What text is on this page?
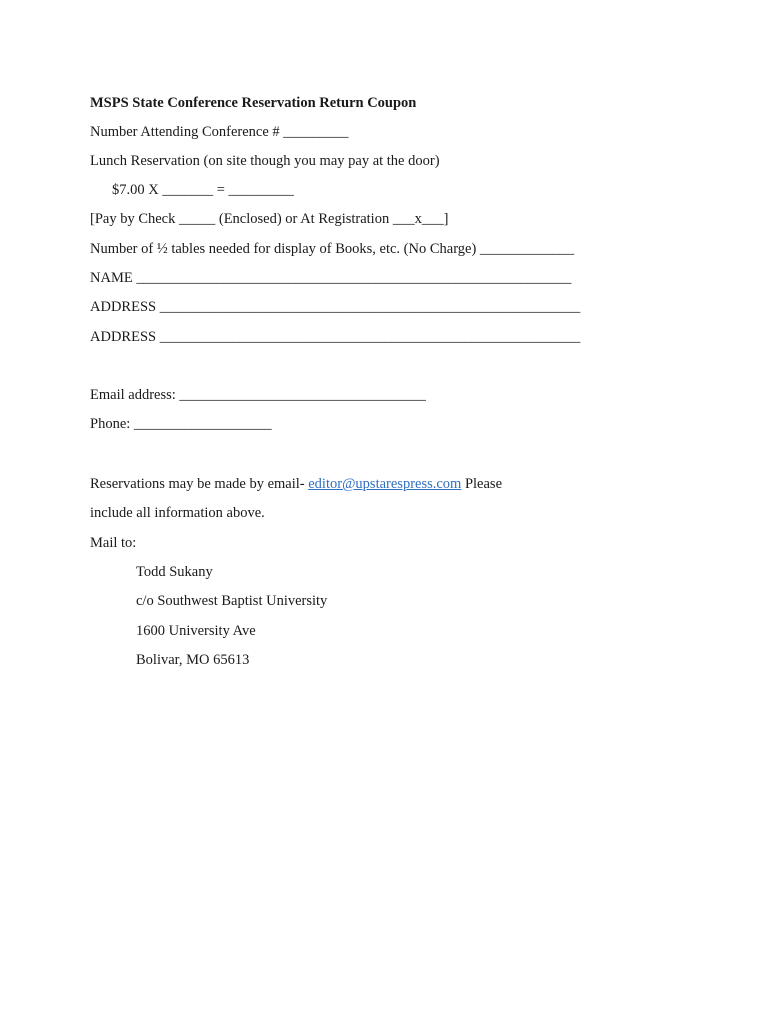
MSPS State Conference Reservation Return Coupon
Number Attending Conference # _________
Lunch Reservation (on site though you may pay at the door)
$7.00 X _______ = _________
[Pay by Check _____ (Enclosed) or At Registration ___x___]
Number of ½ tables needed for display of Books, etc. (No Charge) _____________
NAME ____________________________________________________________
ADDRESS __________________________________________________________
ADDRESS __________________________________________________________
Email address: __________________________________
Phone: ___________________
Reservations may be made by email- editor@upstarespress.com Please
include all information above.
Mail to:
Todd Sukany
c/o Southwest Baptist University
1600 University Ave
Bolivar, MO 65613
